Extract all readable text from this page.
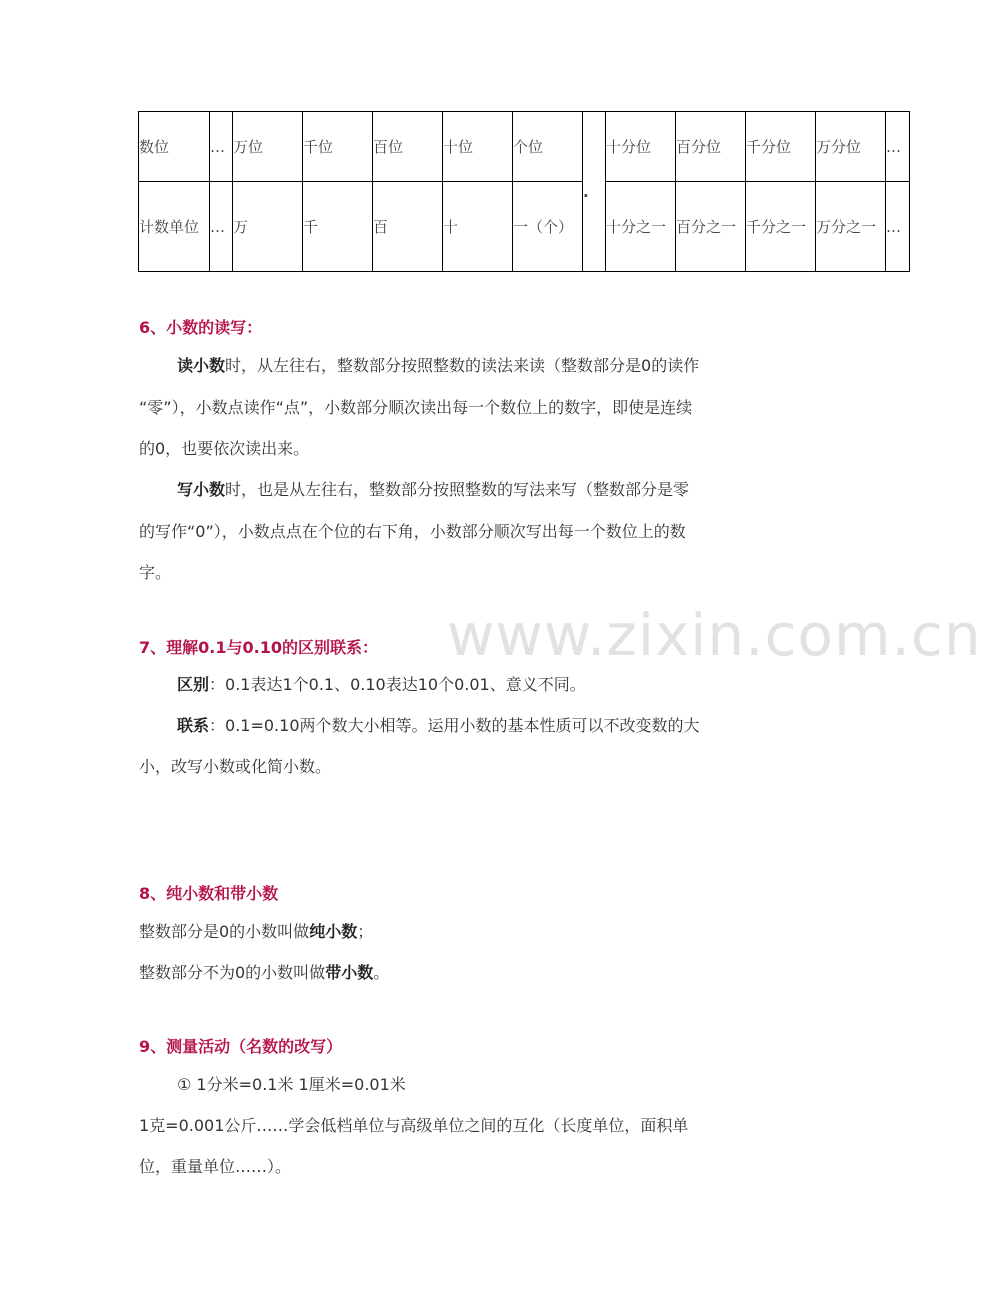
数位	…	万位	千位	百位	十位	个位	.	十分位	百分位	千分位	万分位	…
计数单位	…	万	千	百	十	一（个）		十分之一	百分之一	千分之一	万分之一	…
6、小数的读写：

读小数时，从左往右，整数部分按照整数的读法来读（整数部分是0的读作

“零”），小数点读作“点”，小数部分顺次读出每一个数位上的数字，即使是连续

的0，也要依次读出来。

写小数时，也是从左往右，整数部分按照整数的写法来写（整数部分是零

的写作“0”），小数点点在个位的右下角，小数部分顺次写出每一个数位上的数

字。

www.zixin.com.cn
7、理解0.1与0.10的区别联系：

区别：0.1表达1个0.1、0.10表达10个0.01、意义不同。

联系：0.1=0.10两个数大小相等。运用小数的基本性质可以不改变数的大

小，改写小数或化简小数。

8、纯小数和带小数

整数部分是0的小数叫做纯小数；

整数部分不为0的小数叫做带小数。

9、测量活动（名数的改写）

① 1分米=0.1米 1厘米=0.01米

1克=0.001公斤……学会低档单位与高级单位之间的互化（长度单位，面积单

位，重量单位……）。
